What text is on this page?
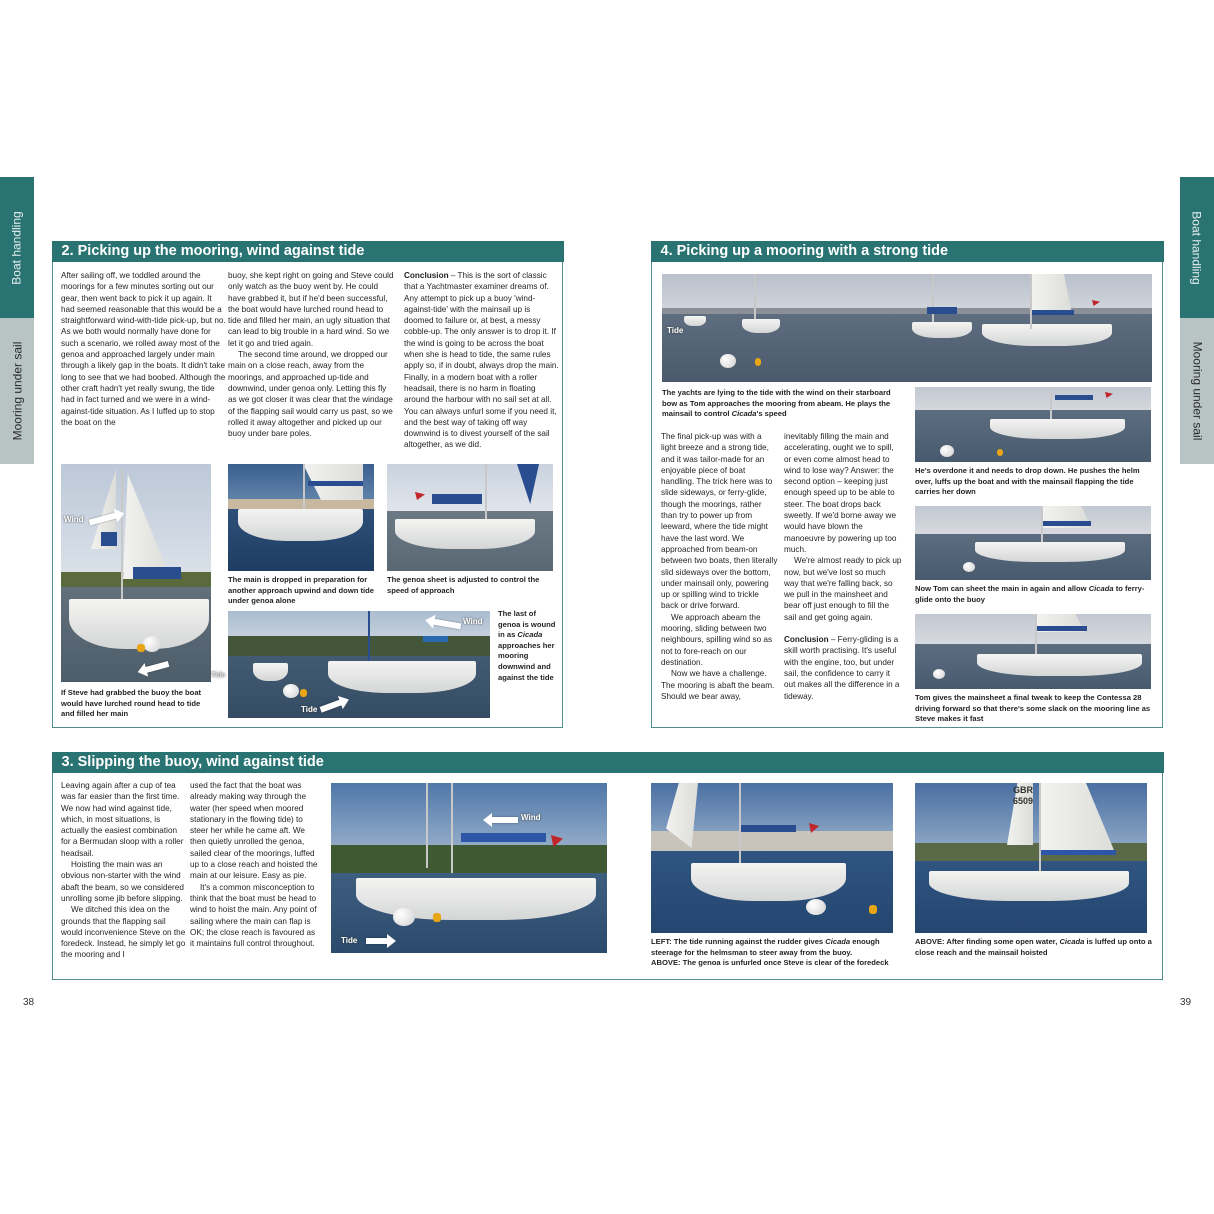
Boat handling
Mooring under sail
Boat handling
Mooring under sail
2. Picking up the mooring, wind against tide

After sailing off, we toddled around the moorings for a few minutes sorting out our gear, then went back to pick it up again. It had seemed reasonable that this would be a straightforward wind-with-tide pick-up, but no. As we both would normally have done for such a scenario, we rolled away most of the genoa and approached largely under main through a likely gap in the boats. It didn't take long to see that we had boobed. Although the other craft hadn't yet really swung, the tide had in fact turned and we were in a wind-against-tide situation. As I luffed up to stop the boat on the

buoy, she kept right on going and Steve could only watch as the buoy went by. He could have grabbed it, but if he'd been successful, the boat would have lurched round head to tide and filled her main, an ugly situation that can lead to big trouble in a hard wind. So we let it go and tried again.

The second time around, we dropped our main on a close reach, away from the moorings, and approached up-tide and downwind, under genoa only. Letting this fly as we got closer it was clear that the windage of the flapping sail would carry us past, so we rolled it away altogether and picked up our buoy under bare poles.

Conclusion – This is the sort of classic that a Yachtmaster examiner dreams of. Any attempt to pick up a buoy 'wind-against-tide' with the mainsail up is doomed to failure or, at best, a messy cobble-up. The only answer is to drop it. If the wind is going to be across the boat when she is head to tide, the same rules apply so, if in doubt, always drop the main. Finally, in a modern boat with a roller headsail, there is no harm in floating around the harbour with no sail set at all. You can always unfurl some if you need it, and the best way of taking off way downwind is to divest yourself of the sail altogether, as we did.

Wind
Tide
If Steve had grabbed the buoy the boat would have lurched round head to tide and filled her main
The main is dropped in preparation for another approach upwind and down tide under genoa alone
The genoa sheet is adjusted to control the speed of approach
Wind
Tide
The last of genoa is wound in as Cicada approaches her mooring downwind and against the tide
4. Picking up a mooring with a strong tide
Tide
The yachts are lying to the tide with the wind on their starboard bow as Tom approaches the mooring from abeam. He plays the mainsail to control Cicada's speed

The final pick-up was with a light breeze and a strong tide, and it was tailor-made for an enjoyable piece of boat handling. The trick here was to slide sideways, or ferry-glide, though the moorings, rather than try to power up from leeward, where the tide might have the last word. We approached from beam-on between two boats, then literally slid sideways over the bottom, under mainsail only, powering up or spilling wind to trickle back or drive forward.

We approach abeam the mooring, sliding between two neighbours, spilling wind so as not to fore-reach on our destination.

Now we have a challenge. The mooring is abaft the beam. Should we bear away,

inevitably filling the main and accelerating, ought we to spill, or even come almost head to wind to lose way? Answer: the second option – keeping just enough speed up to be able to steer. The boat drops back sweetly. If we'd borne away we would have blown the manoeuvre by powering up too much.

We're almost ready to pick up now, but we've lost so much way that we're falling back, so we pull in the mainsheet and bear off just enough to fill the sail and get going again.

Conclusion – Ferry-gliding is a skill worth practising. It's useful with the engine, too, but under sail, the confidence to carry it out makes all the difference in a tideway.

He's overdone it and needs to drop down. He pushes the helm over, luffs up the boat and with the mainsail flapping the tide carries her down
Now Tom can sheet the main in again and allow Cicada to ferry-glide onto the buoy
Tom gives the mainsheet a final tweak to keep the Contessa 28 driving forward so that there's some slack on the mooring line as Steve makes it fast
3. Slipping the buoy, wind against tide

Leaving again after a cup of tea was far easier than the first time. We now had wind against tide, which, in most situations, is actually the easiest combination for a Bermudan sloop with a roller headsail.

Hoisting the main was an obvious non-starter with the wind abaft the beam, so we considered unrolling some jib before slipping.

We ditched this idea on the grounds that the flapping sail would inconvenience Steve on the foredeck. Instead, he simply let go the mooring and I

used the fact that the boat was already making way through the water (her speed when moored stationary in the flowing tide) to steer her while he came aft. We then quietly unrolled the genoa, sailed clear of the moorings, luffed up to a close reach and hoisted the main at our leisure. Easy as pie.

It's a common misconception to think that the boat must be head to wind to hoist the main. Any point of sailing where the main can flap is OK; the close reach is favoured as it maintains full control throughout.

Wind
Tide	LEFT: The tide running against the rudder gives Cicada enough steerage for the helmsman to steer away from the buoy.
ABOVE: The genoa is unfurled once Steve is clear of the foredeck
GBR
6509
ABOVE: After finding some open water, Cicada is luffed up onto a close reach and the mainsail hoisted
38	39
